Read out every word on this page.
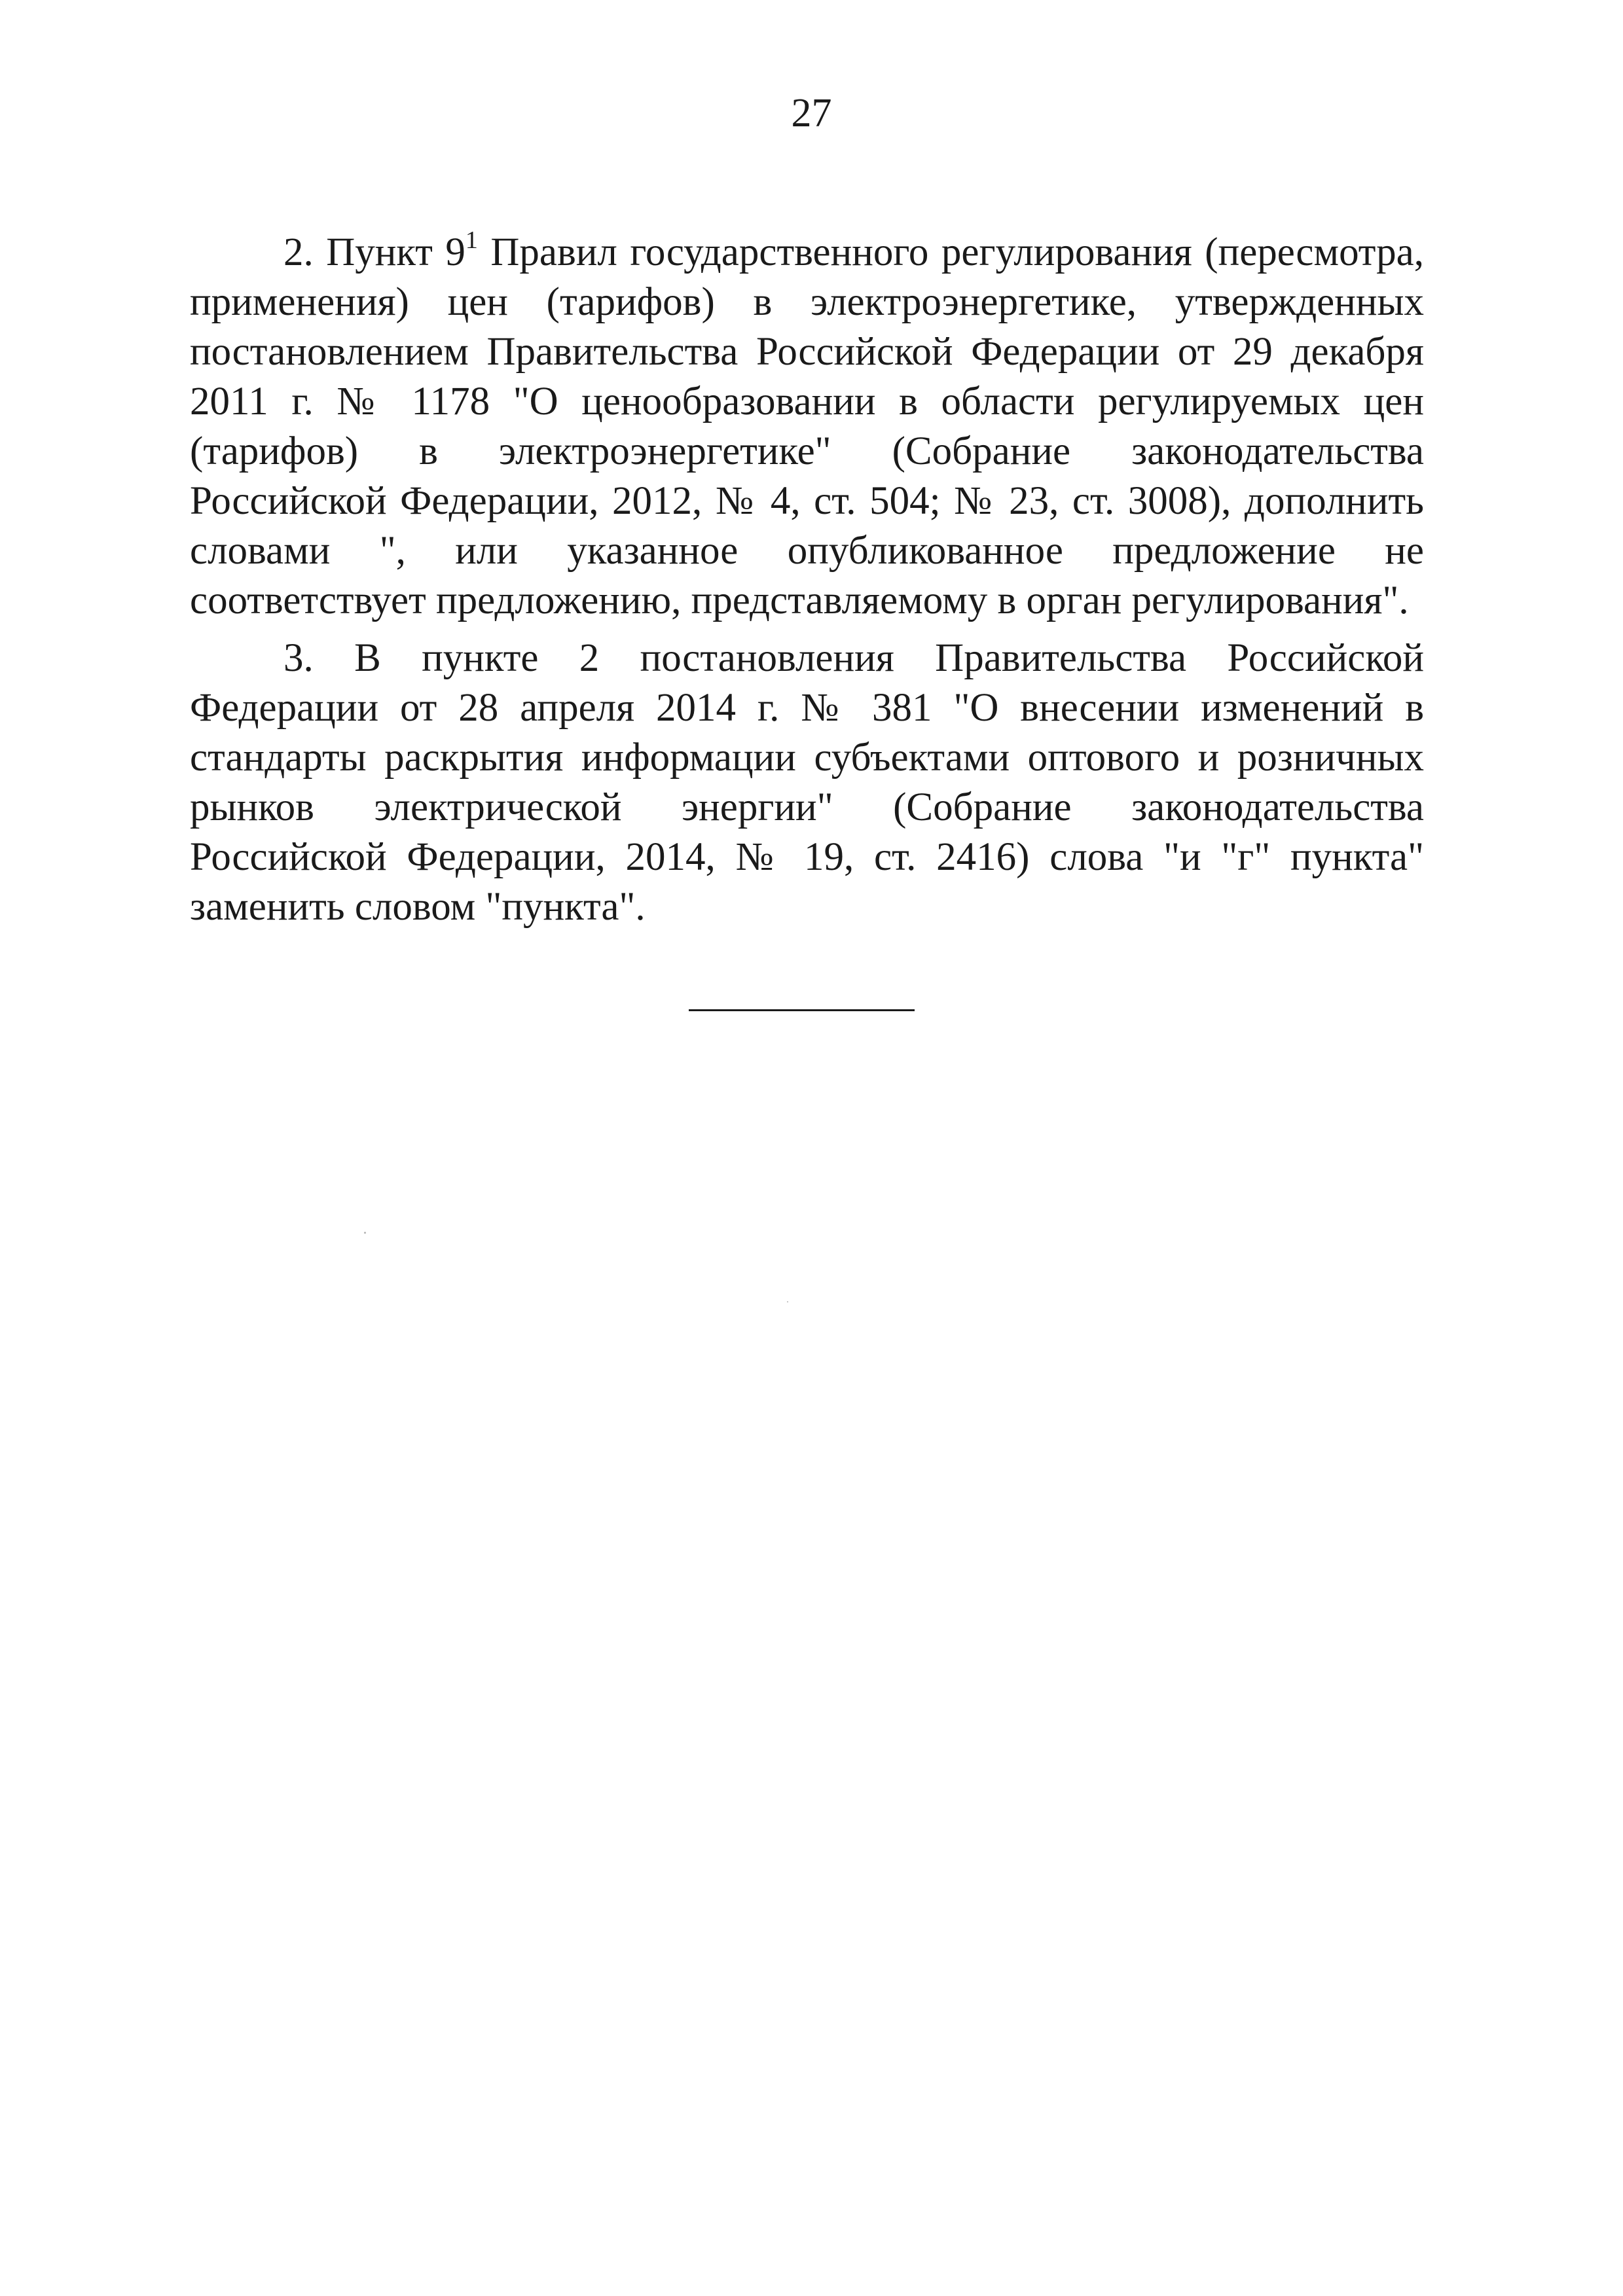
27

2. Пункт $9^1$ Правил государственного регулирования (пересмотра, применения) цен (тарифов) в электроэнергетике, утвержденных постановлением Правительства Российской Федерации от 29 декабря 2011 г. № 1178 "О ценообразовании в области регулируемых цен (тарифов) в электроэнергетике" (Собрание законодательства Российской Федерации, 2012, № 4, ст. 504; № 23, ст. 3008), дополнить словами ", или указанное опубликованное предложение не соответствует предложению, представляемому в орган регулирования".

3. В пункте 2 постановления Правительства Российской Федерации от 28 апреля 2014 г. № 381 "О внесении изменений в стандарты раскрытия информации субъектами оптового и розничных рынков электрической энергии" (Собрание законодательства Российской Федерации, 2014, № 19, ст. 2416) слова "и "г" пункта" заменить словом "пункта".
